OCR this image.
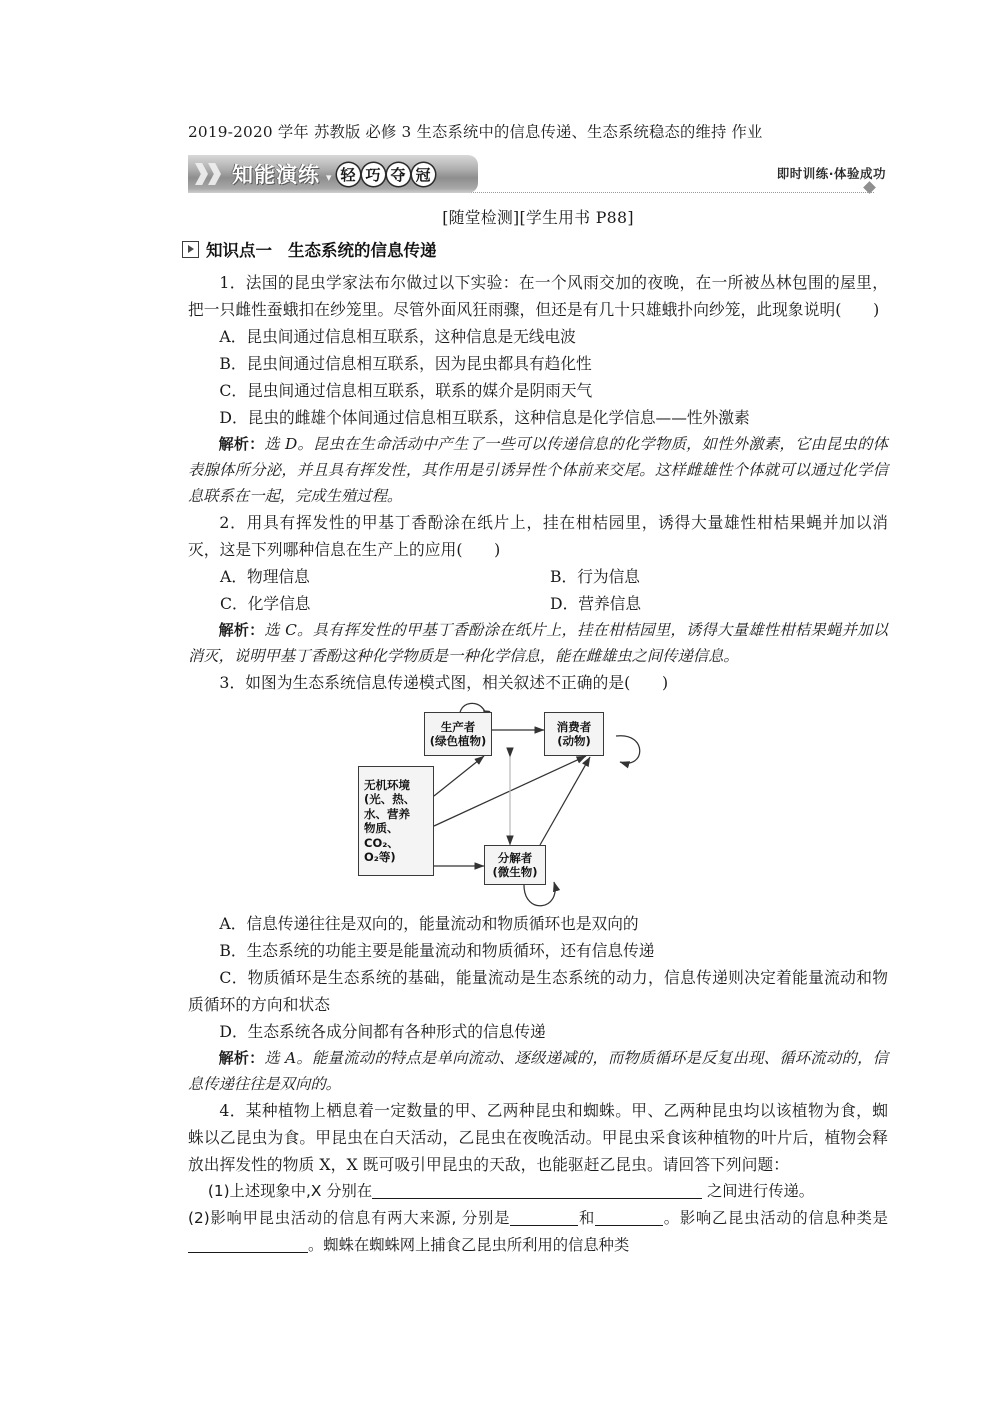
2019-2020 学年 苏教版 必修 3 生态系统中的信息传递、生态系统稳态的维持 作业
知能演练 ▾ 轻 巧 夺 冠	即时训练·体验成功
[随堂检测][学生用书 P88]
知识点一 生态系统的信息传递

1．法国的昆虫学家法布尔做过以下实验：在一个风雨交加的夜晚，在一所被丛林包围的屋里，把一只雌性蚕蛾扣在纱笼里。尽管外面风狂雨骤，但还是有几十只雄蛾扑向纱笼，此现象说明(　　)

A．昆虫间通过信息相互联系，这种信息是无线电波

B．昆虫间通过信息相互联系，因为昆虫都具有趋化性

C．昆虫间通过信息相互联系，联系的媒介是阴雨天气

D．昆虫的雌雄个体间通过信息相互联系，这种信息是化学信息——性外激素

解析：选 D。昆虫在生命活动中产生了一些可以传递信息的化学物质，如性外激素，它由昆虫的体表腺体所分泌，并且具有挥发性，其作用是引诱异性个体前来交尾。这样雌雄性个体就可以通过化学信息联系在一起，完成生殖过程。

2．用具有挥发性的甲基丁香酚涂在纸片上，挂在柑桔园里，诱得大量雄性柑桔果蝇并加以消灭，这是下列哪种信息在生产上的应用(　　)

A．物理信息	B．行为信息
C．化学信息	D．营养信息

解析：选 C。具有挥发性的甲基丁香酚涂在纸片上，挂在柑桔园里，诱得大量雄性柑桔果蝇并加以消灭，说明甲基丁香酚这种化学物质是一种化学信息，能在雌雄虫之间传递信息。

3．如图为生态系统信息传递模式图，相关叙述不正确的是(　　)

生产者
(绿色植物)
消费者
(动物)
无机环境
(光、热、
水、营养
物质、CO₂、
O₂等)	分解者
(微生物)

A．信息传递往往是双向的，能量流动和物质循环也是双向的

B．生态系统的功能主要是能量流动和物质循环，还有信息传递

C．物质循环是生态系统的基础，能量流动是生态系统的动力，信息传递则决定着能量流动和物质循环的方向和状态

D．生态系统各成分间都有各种形式的信息传递

解析：选 A。能量流动的特点是单向流动、逐级递减的，而物质循环是反复出现、循环流动的，信息传递往往是双向的。

4．某种植物上栖息着一定数量的甲、乙两种昆虫和蜘蛛。甲、乙两种昆虫均以该植物为食，蜘蛛以乙昆虫为食。甲昆虫在白天活动，乙昆虫在夜晚活动。甲昆虫采食该种植物的叶片后，植物会释放出挥发性的物质 X，X 既可吸引甲昆虫的天敌，也能驱赶乙昆虫。请回答下列问题：

(1)上述现象中,X 分别在	之间进行传递。

(2)影响甲昆虫活动的信息有两大来源, 分别是	和	。影响乙昆虫活动的信息种类是。蜘蛛在蜘蛛网上捕食乙昆虫所利用的信息种类
